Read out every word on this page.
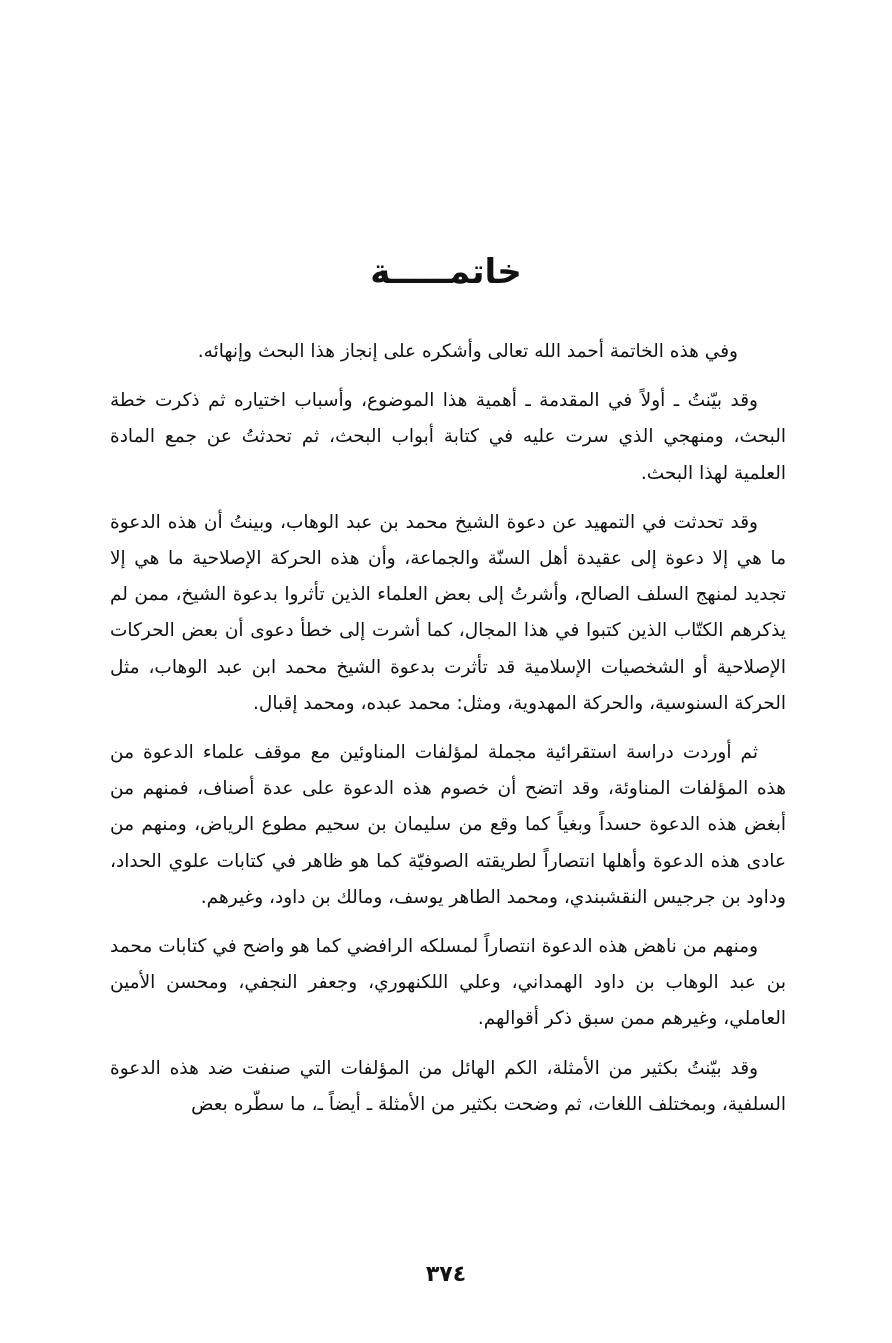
خاتمـــــة

وفي هذه الخاتمة أحمد الله تعالى وأشكره على إنجاز هذا البحث وإنهائه.

وقد بيّنتُ ـ أولاً في المقدمة ـ أهمية هذا الموضوع، وأسباب اختياره ثم ذكرت خطة البحث، ومنهجي الذي سرت عليه في كتابة أبواب البحث، ثم تحدثتُ عن جمع المادة العلمية لهذا البحث.

وقد تحدثت في التمهيد عن دعوة الشيخ محمد بن عبد الوهاب، وبينتُ أن هذه الدعوة ما هي إلا دعوة إلى عقيدة أهل السنّة والجماعة، وأن هذه الحركة الإصلاحية ما هي إلا تجديد لمنهج السلف الصالح، وأشرتُ إلى بعض العلماء الذين تأثروا بدعوة الشيخ، ممن لم يذكرهم الكتّاب الذين كتبوا في هذا المجال، كما أشرت إلى خطأ دعوى أن بعض الحركات الإصلاحية أو الشخصيات الإسلامية قد تأثرت بدعوة الشيخ محمد ابن عبد الوهاب، مثل الحركة السنوسية، والحركة المهدوية، ومثل: محمد عبده، ومحمد إقبال.

ثم أوردت دراسة استقرائية مجملة لمؤلفات المناوئين مع موقف علماء الدعوة من هذه المؤلفات المناوئة، وقد اتضح أن خصوم هذه الدعوة على عدة أصناف، فمنهم من أبغض هذه الدعوة حسداً وبغياً كما وقع من سليمان بن سحيم مطوع الرياض، ومنهم من عادى هذه الدعوة وأهلها انتصاراً لطريقته الصوفيّة كما هو ظاهر في كتابات علوي الحداد، وداود بن جرجيس النقشبندي، ومحمد الطاهر يوسف، ومالك بن داود، وغيرهم.

ومنهم من ناهض هذه الدعوة انتصاراً لمسلكه الرافضي كما هو واضح في كتابات محمد بن عبد الوهاب بن داود الهمداني، وعلي اللكنهوري، وجعفر النجفي، ومحسن الأمين العاملي، وغيرهم ممن سبق ذكر أقوالهم.

وقد بيّنتُ بكثير من الأمثلة، الكم الهائل من المؤلفات التي صنفت ضد هذه الدعوة السلفية، وبمختلف اللغات، ثم وضحت بكثير من الأمثلة ـ أيضاً ـ، ما سطّره بعض

٣٧٤
